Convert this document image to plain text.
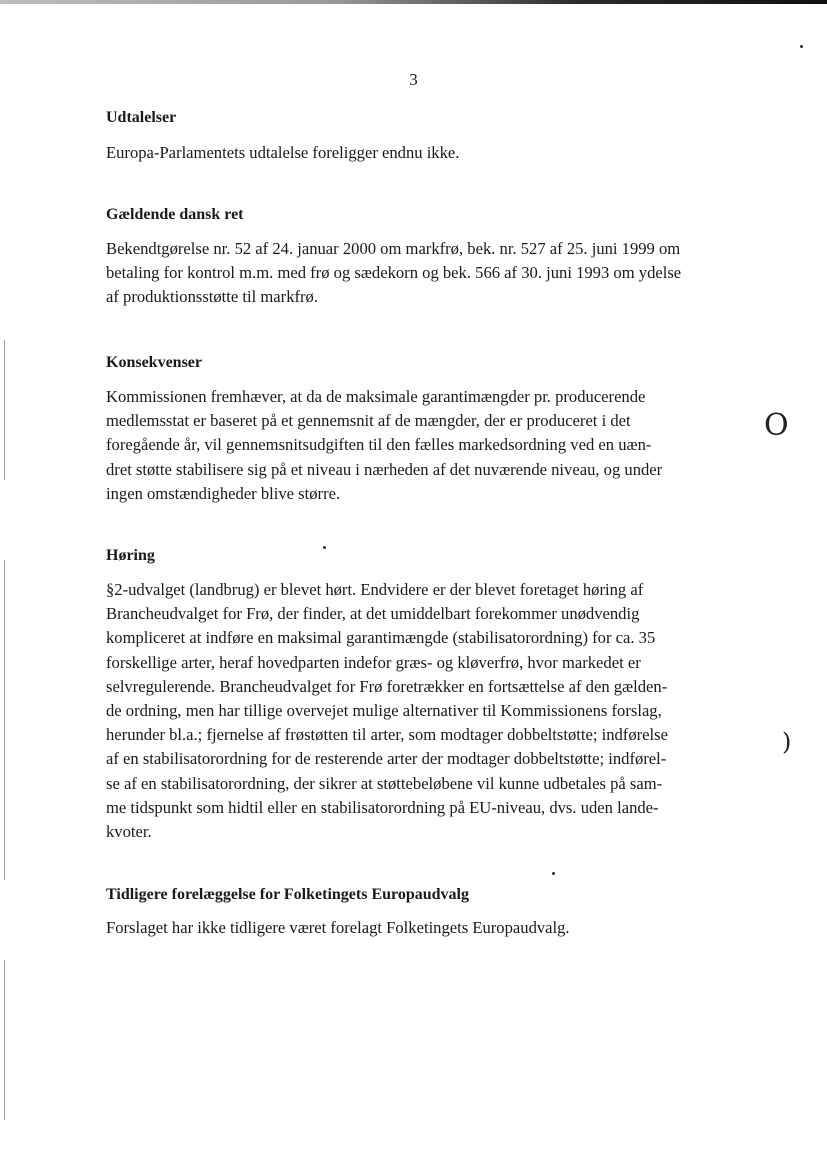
3
Udtalelser
Europa-Parlamentets udtalelse foreligger endnu ikke.
Gældende dansk ret
Bekendtgørelse nr. 52 af 24. januar 2000 om markfrø, bek. nr. 527 af 25. juni 1999 om
betaling for kontrol m.m. med frø og sædekorn og bek. 566 af 30. juni 1993 om ydelse
af produktionsstøtte til markfrø.
Konsekvenser
Kommissionen fremhæver, at da de maksimale garantimængder pr. producerende
medlemsstat er baseret på et gennemsnit af de mængder, der er produceret i det
foregående år, vil gennemsnitsudgiften til den fælles markedsordning ved en uæn-
dret støtte stabilisere sig på et niveau i nærheden af det nuværende niveau, og under
ingen omstændigheder blive større.
Høring
§2-udvalget (landbrug) er blevet hørt. Endvidere er der blevet foretaget høring af
Brancheudvalget for Frø, der finder, at det umiddelbart forekommer unødvendig
kompliceret at indføre en maksimal garantimængde (stabilisatorordning) for ca. 35
forskellige arter, heraf hovedparten indefor græs- og kløverfrø, hvor markedet er
selvregulerende. Brancheudvalget for Frø foretrækker en fortsættelse af den gælden-
de ordning, men har tillige overvejet mulige alternativer til Kommissionens forslag,
herunder bl.a.; fjernelse af frøstøtten til arter, som modtager dobbeltstøtte; indførelse
af en stabilisatorordning for de resterende arter der modtager dobbeltstøtte; indførel-
se af en stabilisatorordning, der sikrer at støttebeløbene vil kunne udbetales på sam-
me tidspunkt som hidtil eller en stabilisatorordning på EU-niveau, dvs. uden lande-
kvoter.
Tidligere forelæggelse for Folketingets Europaudvalg
Forslaget har ikke tidligere været forelagt Folketingets Europaudvalg.
O
)
